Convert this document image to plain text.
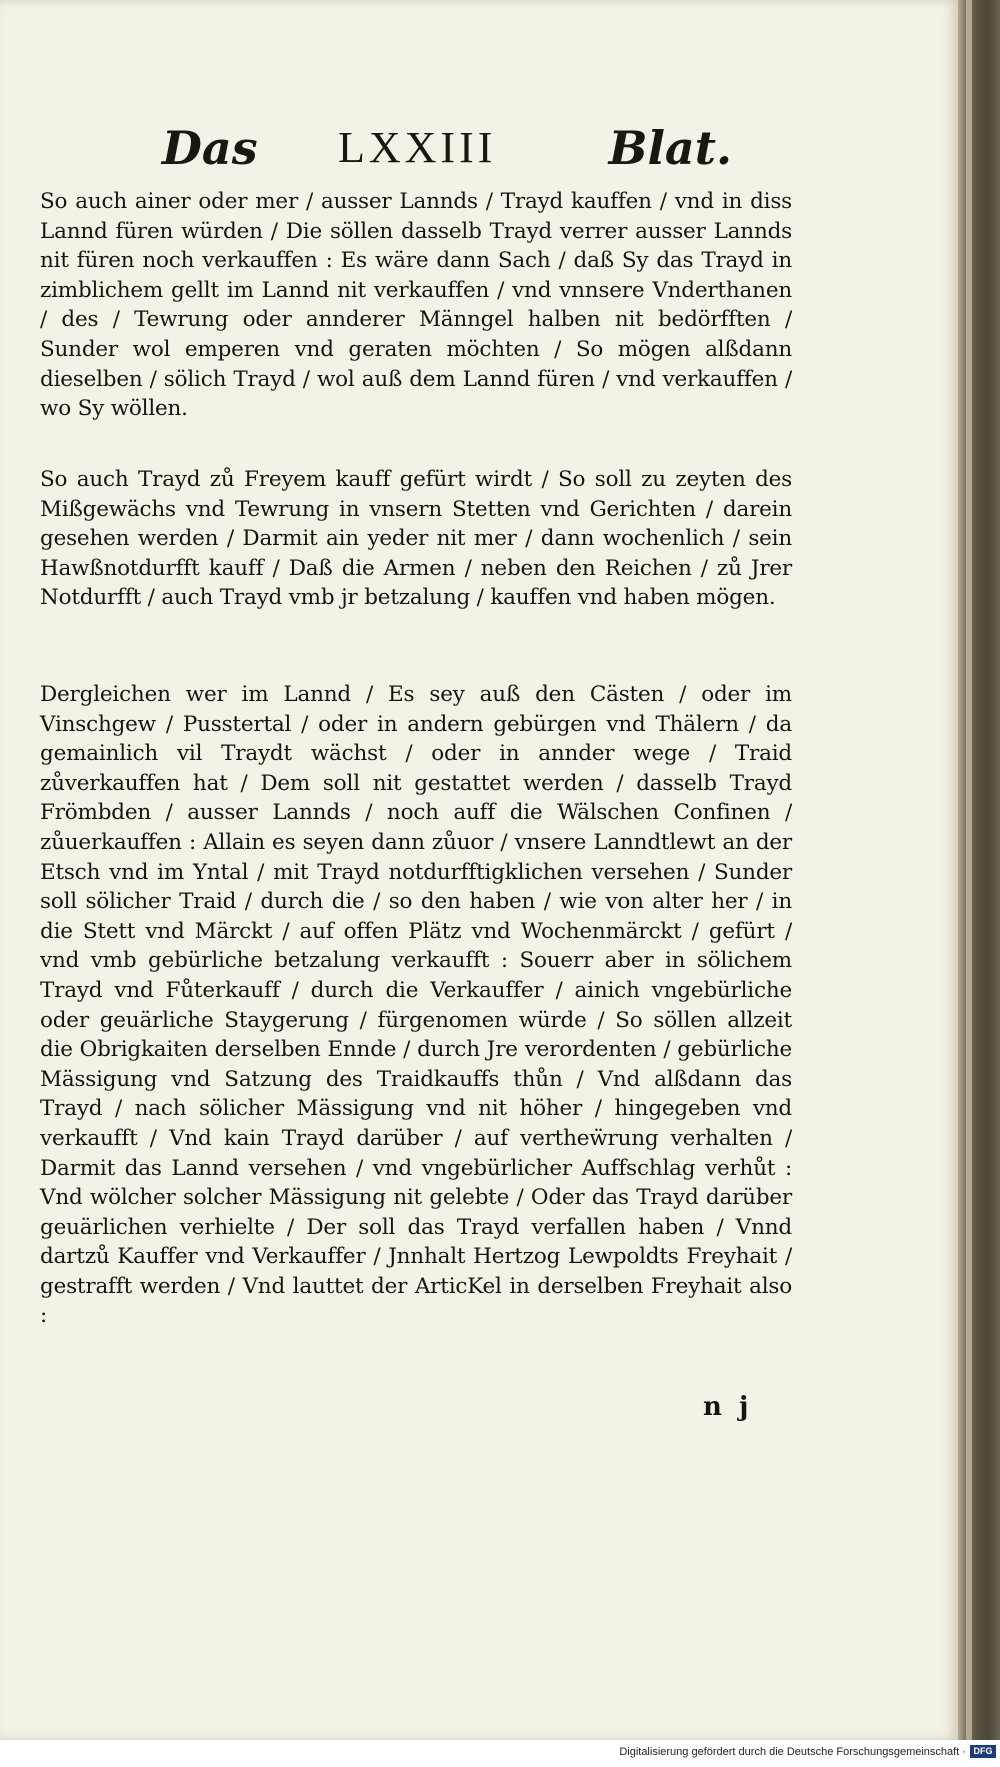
Das LXXIII Blat.
So auch ainer oder mer / ausser Lannds / Trayd kauffen / vnd in diss Lannd füren würden / Die söllen dasselb Trayd verrer ausser Lannds nit füren noch verkauffen : Es wäre dann Sach / daß Sy das Trayd in zimblichem gellt im Lannd nit verkauffen / vnd vnnsere Vnderthanen / des / Tewrung oder annderer Männgel halben nit bedörfften / Sunder wol emperen vnd geraten möchten / So mögen alßdann dieselben / sölich Trayd / wol auß dem Lannd füren / vnd verkauffen / wo Sy wöllen.
So auch Trayd zů Freyem kauff gefürt wirdt / So soll zu zeyten des Mißgewächs vnd Tewrung in vnsern Stetten vnd Gerichten / darein gesehen werden / Darmit ain yeder nit mer / dann wochenlich / sein Hawßnotdurfft kauff / Daß die Armen / neben den Reichen / zů Jrer Notdurfft / auch Trayd vmb jr betzalung / kauffen vnd haben mögen.
Dergleichen wer im Lannd / Es sey auß den Cästen / oder im Vinschgew / Pusstertal / oder in andern gebürgen vnd Thälern / da gemainlich vil Traydt wächst / oder in annder wege / Traid zůverkauffen hat / Dem soll nit gestattet werden / dasselb Trayd Frömbden / ausser Lannds / noch auff die Wälschen Confinen / zůuerkauffen : Allain es seyen dann zůuor / vnsere Lanndtlewt an der Etsch vnd im Yntal / mit Trayd notdurfftigklichen versehen / Sunder soll sölicher Traid / durch die / so den haben / wie von alter her / in die Stett vnd Märckt / auf offen Plätz vnd Wochenmärckt / gefürt / vnd vmb gebürliche betzalung verkaufft : Souerr aber in sölichem Trayd vnd Fůterkauff / durch die Verkauffer / ainich vngebürliche oder geuärliche Staygerung / fürgenomen würde / So söllen allzeit die Obrigkaiten derselben Ennde / durch Jre verordenten / gebürliche Mässigung vnd Satzung des Traidkauffs thůn / Vnd alßdann das Trayd / nach sölicher Mässigung vnd nit höher / hingegeben vnd verkaufft / Vnd kain Trayd darüber / auf vertheẅrung verhalten / Darmit das Lannd versehen / vnd vngebürlicher Auffschlag verhůt : Vnd wölcher solcher Mässigung nit gelebte / Oder das Trayd darüber geuärlichen verhielte / Der soll das Trayd verfallen haben / Vnnd dartzů Kauffer vnd Verkauffer / Jnnhalt Hertzog Lewpoldts Freyhait / gestrafft werden / Vnd lauttet der ArticKel in derselben Freyhait also :
n j
Digitalisierung gefördert durch die Deutsche Forschungsgemeinschaft · DFG
